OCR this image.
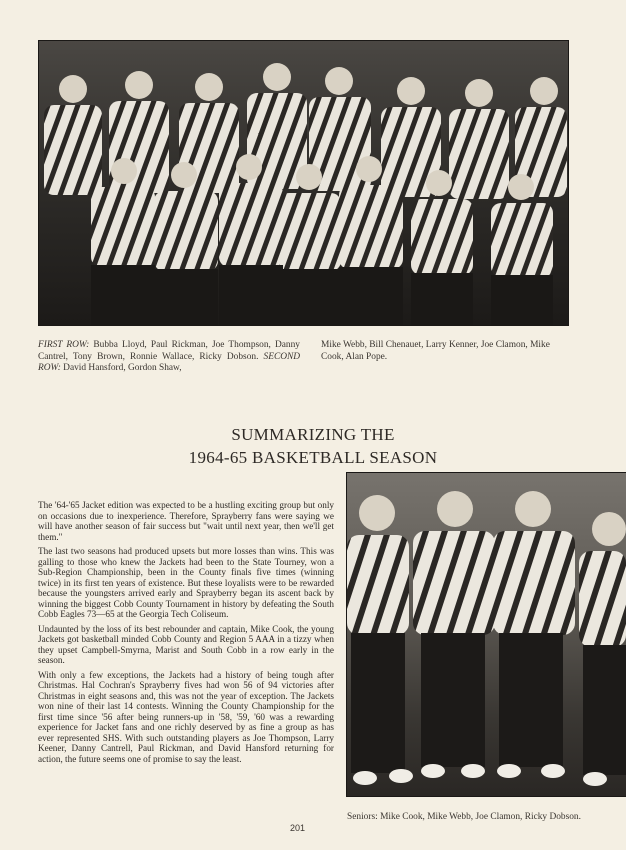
FIRST ROW: Bubba Lloyd, Paul Rickman, Joe Thompson, Danny Cantrel, Tony Brown, Ronnie Wallace, Ricky Dobson. SECOND ROW: David Hansford, Gordon Shaw,
Mike Webb, Bill Chenauet, Larry Kenner, Joe Clamon, Mike Cook, Alan Pope.
SUMMARIZING THE
1964-65 BASKETBALL SEASON

The '64-'65 Jacket edition was expected to be a hustling exciting group but only on occasions due to inexperience. Therefore, Sprayberry fans were saying we will have another season of fair success but "wait until next year, then we'll get them."

The last two seasons had produced upsets but more losses than wins. This was galling to those who knew the Jackets had been to the State Tourney, won a Sub-Region Championship, been in the County finals five times (winning twice) in its first ten years of existence. But these loyalists were to be rewarded because the youngsters arrived early and Sprayberry began its ascent back by winning the biggest Cobb County Tournament in history by defeating the South Cobb Eagles 73—65 at the Georgia Tech Coliseum.

Undaunted by the loss of its best rebounder and captain, Mike Cook, the young Jackets got basketball minded Cobb County and Region 5 AAA in a tizzy when they upset Campbell-Smyrna, Marist and South Cobb in a row early in the season.

With only a few exceptions, the Jackets had a history of being tough after Christmas. Hal Cochran's Sprayberry fives had won 56 of 94 victories after Christmas in eight seasons and, this was not the year of exception. The Jackets won nine of their last 14 contests. Winning the County Championship for the first time since '56 after being runners-up in '58, '59, '60 was a rewarding experience for Jacket fans and one richly deserved by as fine a group as has ever represented SHS. With such outstanding players as Joe Thompson, Larry Keener, Danny Cantrell, Paul Rickman, and David Hansford returning for action, the future seems one of promise to say the least.

Seniors: Mike Cook, Mike Webb, Joe Clamon, Ricky Dobson.
201
